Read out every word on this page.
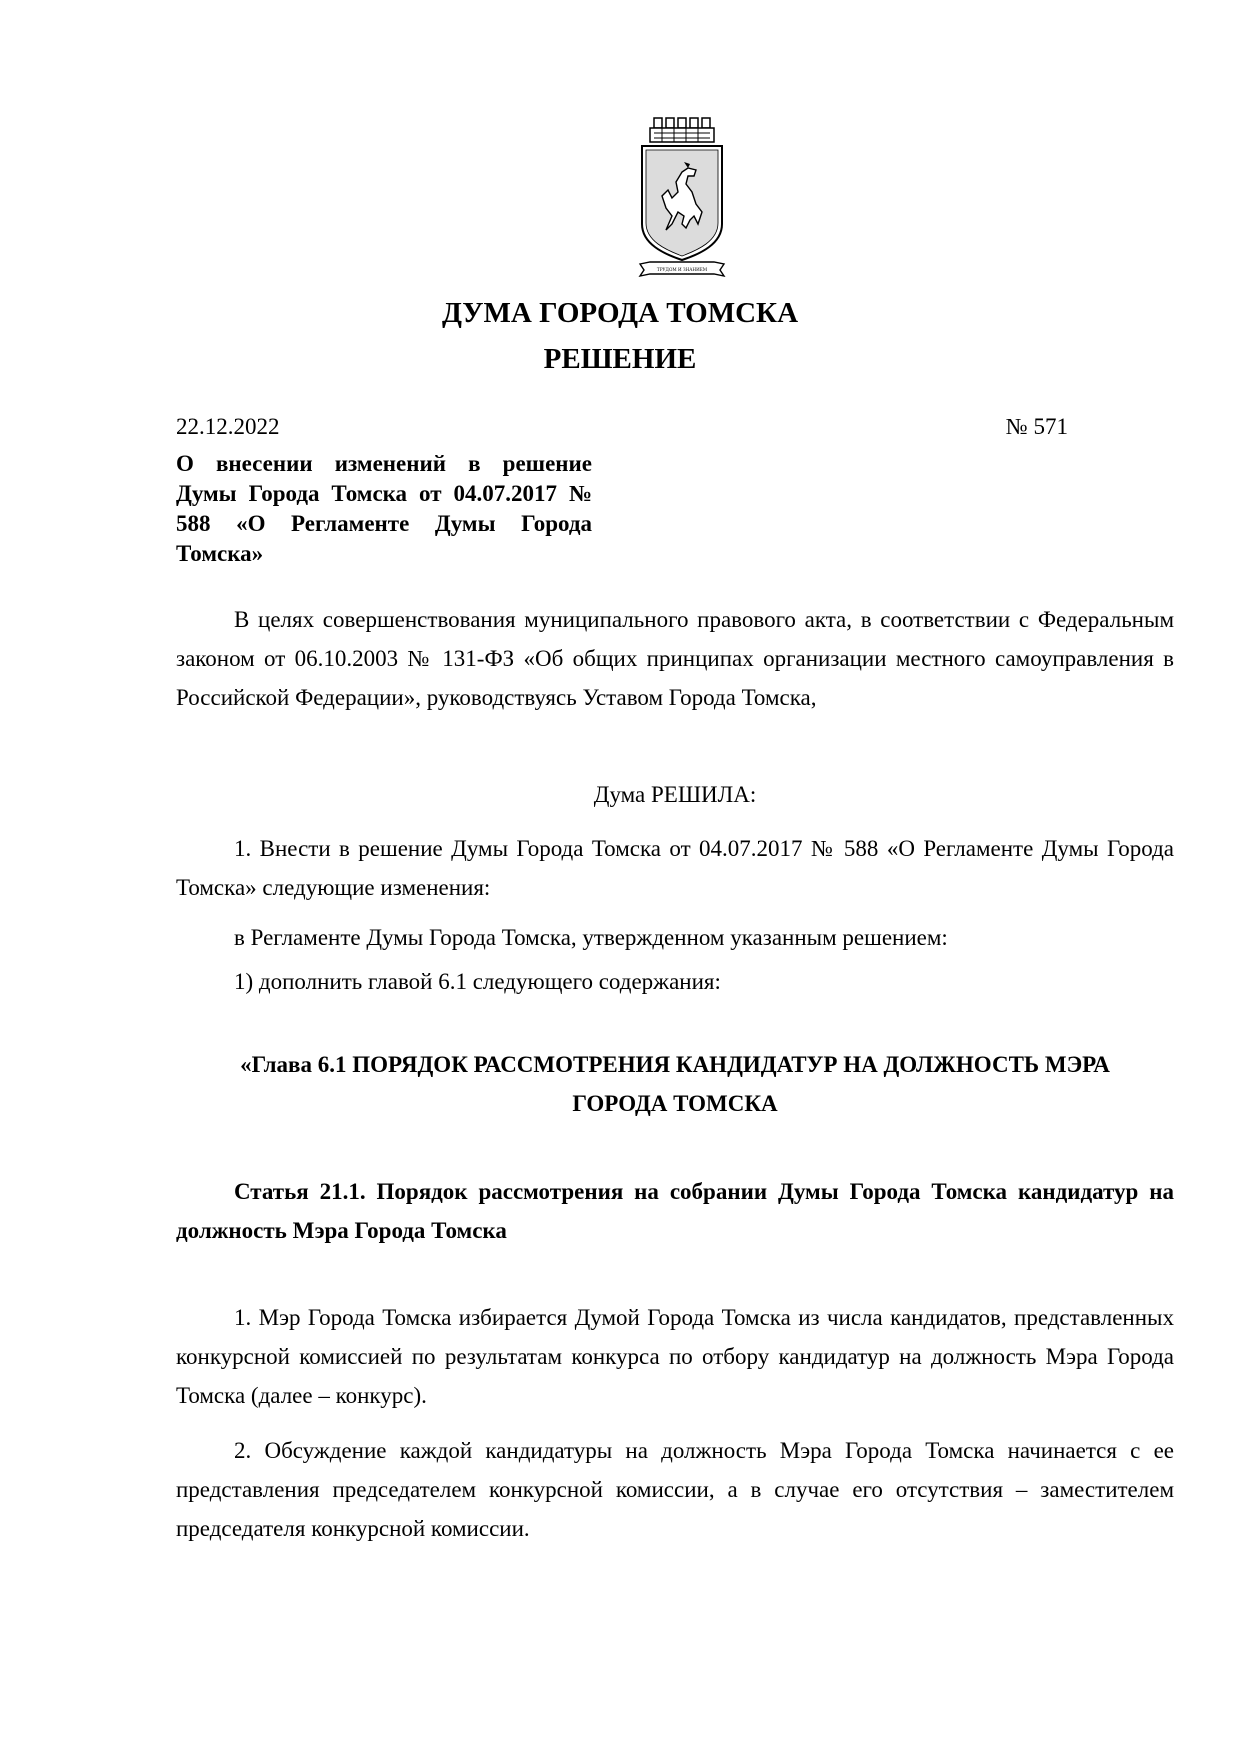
ТРУДОМ И ЗНАНИЕМ
ДУМА ГОРОДА ТОМСКА
РЕШЕНИЕ
22.12.2022	№ 571
О внесении изменений в решение Думы Города Томска от 04.07.2017 № 588 «О Регламенте Думы Города Томска»

В целях совершенствования муниципального правового акта, в соответствии с Федеральным законом от 06.10.2003 № 131-ФЗ «Об общих принципах организации местного самоуправления в Российской Федерации», руководствуясь Уставом Города Томска,

Дума РЕШИЛА:

1. Внести в решение Думы Города Томска от 04.07.2017 № 588 «О Регламенте Думы Города Томска» следующие изменения:

в Регламенте Думы Города Томска, утвержденном указанным решением:

1) дополнить главой 6.1 следующего содержания:

«Глава 6.1 ПОРЯДОК РАССМОТРЕНИЯ КАНДИДАТУР НА ДОЛЖНОСТЬ МЭРА ГОРОДА ТОМСКА

Статья 21.1. Порядок рассмотрения на собрании Думы Города Томска кандидатур на должность Мэра Города Томска

1. Мэр Города Томска избирается Думой Города Томска из числа кандидатов, представленных конкурсной комиссией по результатам конкурса по отбору кандидатур на должность Мэра Города Томска (далее – конкурс).

2. Обсуждение каждой кандидатуры на должность Мэра Города Томска начинается с ее представления председателем конкурсной комиссии, а в случае его отсутствия – заместителем председателя конкурсной комиссии.
